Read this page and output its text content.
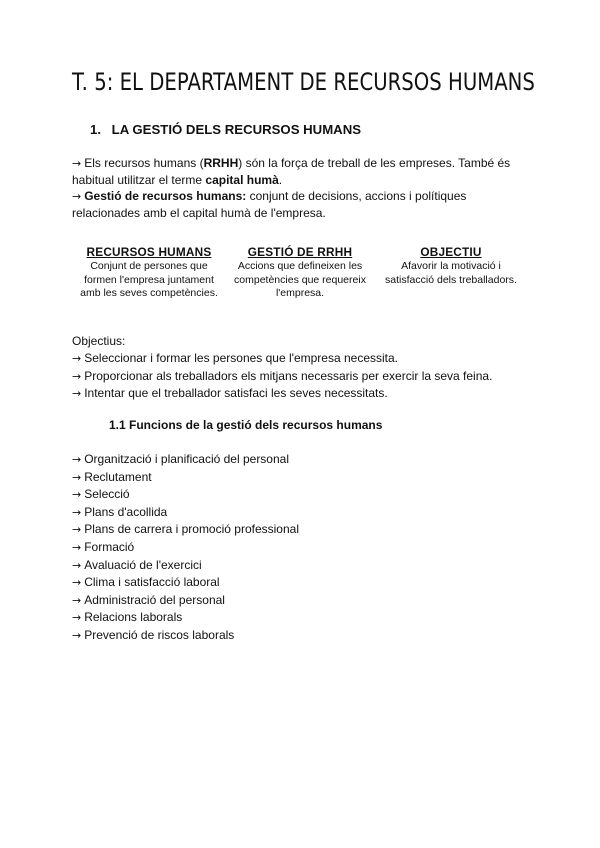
T. 5: EL DEPARTAMENT DE RECURSOS HUMANS
1. LA GESTIÓ DELS RECURSOS HUMANS
→ Els recursos humans (RRHH) són la força de treball de les empreses. També és habitual utilitzar el terme capital humà.
→ Gestió de recursos humans: conjunt de decisions, accions i polítiques relacionades amb el capital humà de l'empresa.
RECURSOS HUMANS
Conjunt de persones que formen l'empresa juntament amb les seves competències.
GESTIÓ DE RRHH
Accions que defineixen les competències que requereix l'empresa.
OBJECTIU
Afavorir la motivació i satisfacció dels treballadors.
Objectius:
→ Seleccionar i formar les persones que l'empresa necessita.
→ Proporcionar als treballadors els mitjans necessaris per exercir la seva feina.
→ Intentar que el treballador satisfaci les seves necessitats.
1.1 Funcions de la gestió dels recursos humans
→ Organització i planificació del personal
→ Reclutament
→ Selecció
→ Plans d'acollida
→ Plans de carrera i promoció professional
→ Formació
→ Avaluació de l'exercici
→ Clima i satisfacció laboral
→ Administració del personal
→ Relacions laborals
→ Prevenció de riscos laborals
